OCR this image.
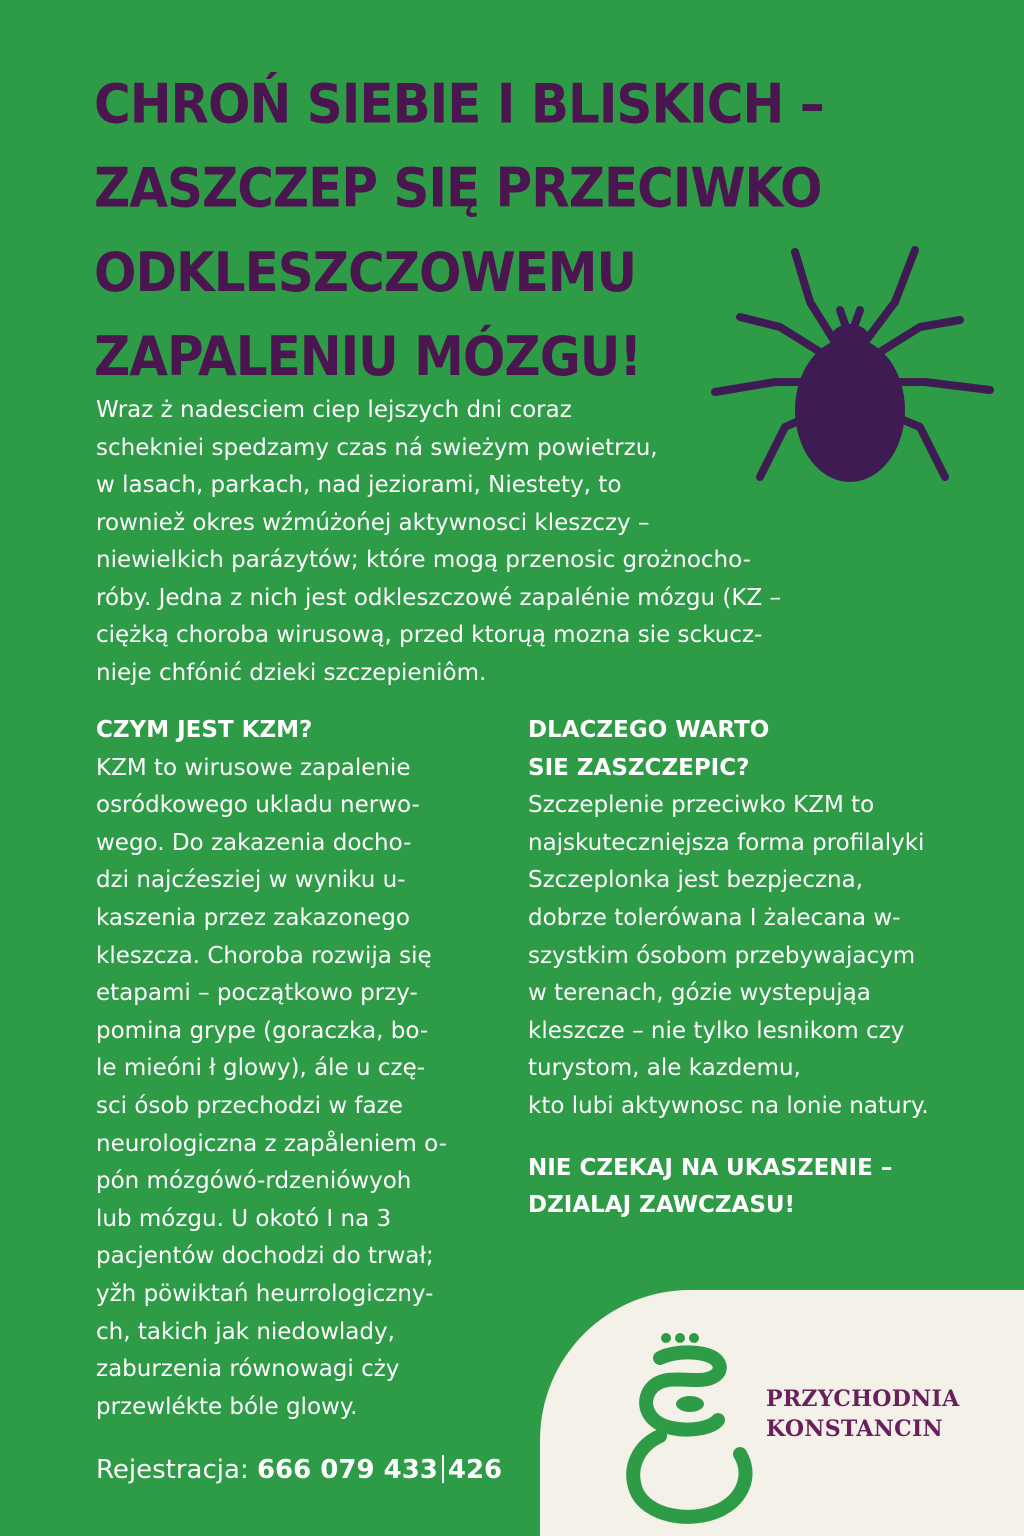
CHROŃ SIEBIE I BLISKICH –
ZASZCZEP SIĘ PRZECIWKO
ODKLESZCZOWEMU
ZAPALENIU MÓZGU!
Wraz ż nadesciem ciep lejszych dni coraz
schekniei spedzamy czas ná swieżym powietrzu,
w lasach, parkach, nad jeziorami, Niestety, to
rowniež okres wźmúżońej aktywnosci kleszczy –
niewielkich parázytów; które mogą przenosic grożnocho-
róby. Jedna z nich jest odkleszczowé zapalénie mózgu (KZ –
ciężką choroba wirusową, przed ktorųą mozna sie sckucz-
nieje chfónić dzieki szczepieniôm.
CZYM JEST KZM?
KZM to wirusowe zapalenie
osródkowego ukladu nerwo-
wego. Do zakazenia docho-
dzi najcźesziej w wyniku u-
kaszenia przez zakazonego
kleszcza. Choroba rozwija się
etapami – początkowo przy-
pomina grype (goraczka, bo-
le mieóni ł glowy), ále u czę-
sci ósob przechodzi w faze
neurologiczna z zapåleniem o-
pón mózgówó-rdzeniówyoh
lub mózgu. U okotó I na 3
pacjentów dochodzi do trwał;
yžh pöwiktań heurrologiczny-
ch, takich jak niedowlady,
zaburzenia równowagi cży
przewlékte bóle glowy.
DLACZEGO WARTO
SIE ZASZCZEPIC?
Szczeplenie przeciwko KZM to
najskutecznięjsza forma profilalyki
Szczeplonka jest bezpjeczna,
dobrze tolerówana I żalecana w-
szystkim ósobom przebywajacym
w terenach, gózie wystepująa
kleszcze – nie tylko lesnikom czy
turystom, ale kazdemu,
kto lubi aktywnosc na lonie natury.
NIE CZEKAJ NA UKASZENIE –
DZIALAJ ZAWCZASU!
Rejestracja: 666 079 433 426
PRZYCHODNIA
KONSTANCIN
